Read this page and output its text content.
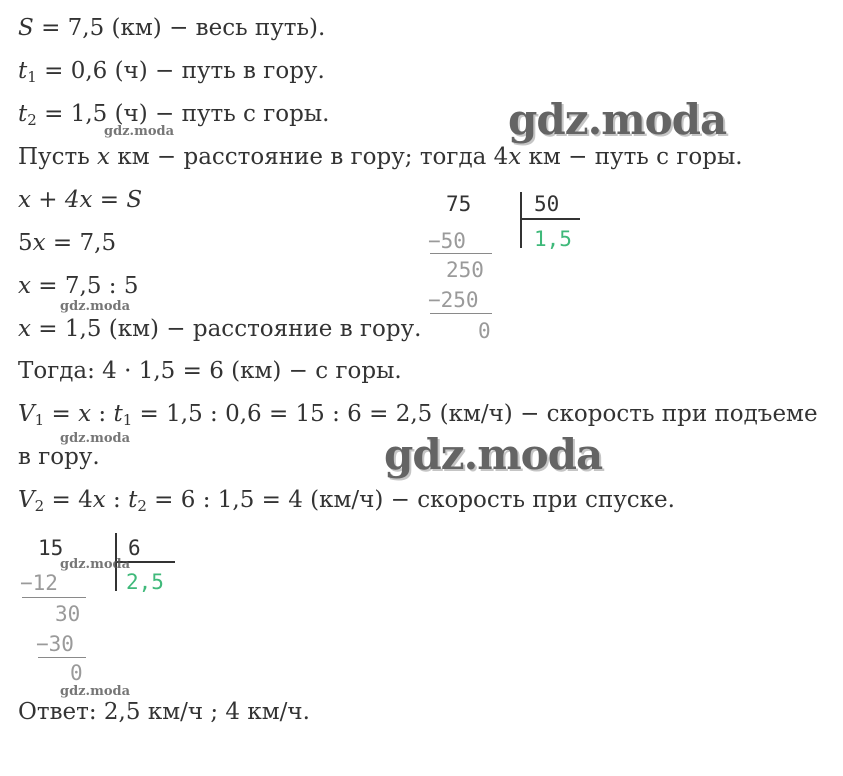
S = 7,5 (км) − весь путь).
$t_1 = 0,6$ (ч) − путь в гору.
$t_2 = 1,5$ (ч) − путь с горы.
Пусть x км − расстояние в гору; тогда 4x км − путь с горы.
x + 4x = S
5x = 7,5
x = 7,5 : 5
x = 1,5 (км) − расстояние в гору.
Тогда: 4 · 1,5 = 6 (км) − с горы.
$V_1 = x$ : $t_1 = 1,5$ : 0,6 = 15 : 6 = 2,5 (км/ч) − скорость при подъеме
в гору.
$V_2 = 4x$ : $t_2 = 6$ : 1,5 = 4 (км/ч) − скорость при спуске.
Ответ: 2,5 км/ч ; 4 км/ч.
75	50
1,5
−50
250
−250
0
15	6
2,5
−12
30
−30
0
gdz.moda
gdz.moda
gdz.moda
gdz.moda
gdz.moda
gdz.moda
gdz.moda
